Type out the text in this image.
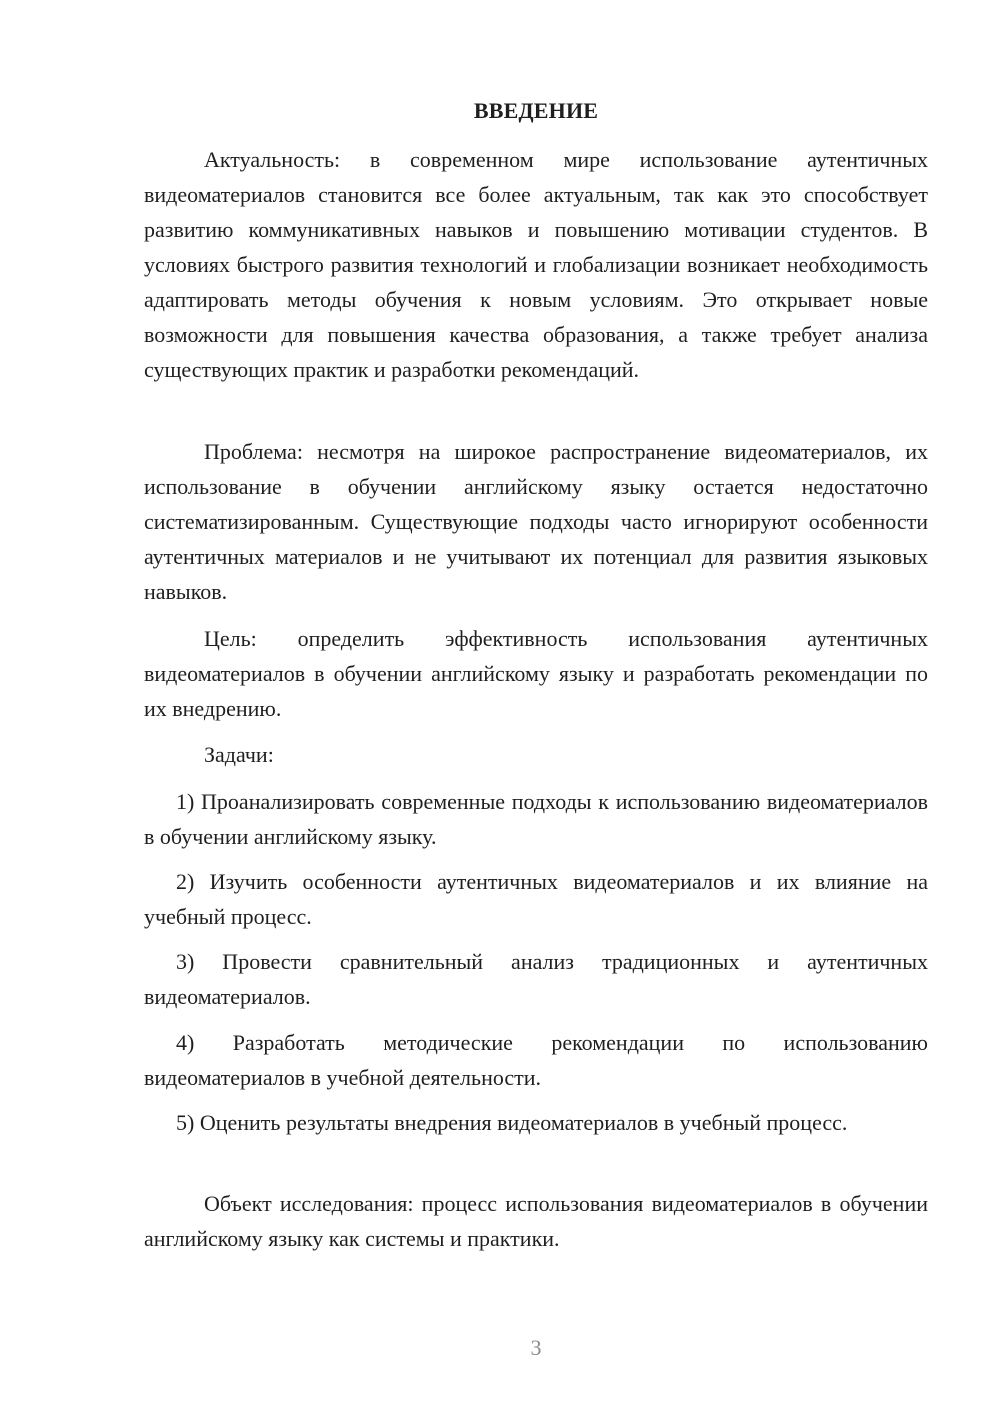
ВВЕДЕНИЕ

Актуальность: в современном мире использование аутентичных видеоматериалов становится все более актуальным, так как это способствует развитию коммуникативных навыков и повышению мотивации студентов. В условиях быстрого развития технологий и глобализации возникает необходимость адаптировать методы обучения к новым условиям. Это открывает новые возможности для повышения качества образования, а также требует анализа существующих практик и разработки рекомендаций.

Проблема: несмотря на широкое распространение видеоматериалов, их использование в обучении английскому языку остается недостаточно систематизированным. Существующие подходы часто игнорируют особенности аутентичных материалов и не учитывают их потенциал для развития языковых навыков.

Цель: определить эффективность использования аутентичных видеоматериалов в обучении английскому языку и разработать рекомендации по их внедрению.

Задачи:

1) Проанализировать современные подходы к использованию видеоматериалов в обучении английскому языку.

2) Изучить особенности аутентичных видеоматериалов и их влияние на учебный процесс.

3) Провести сравнительный анализ традиционных и аутентичных видеоматериалов.

4) Разработать методические рекомендации по использованию видеоматериалов в учебной деятельности.

5) Оценить результаты внедрения видеоматериалов в учебный процесс.

Объект исследования: процесс использования видеоматериалов в обучении английскому языку как системы и практики.

3
